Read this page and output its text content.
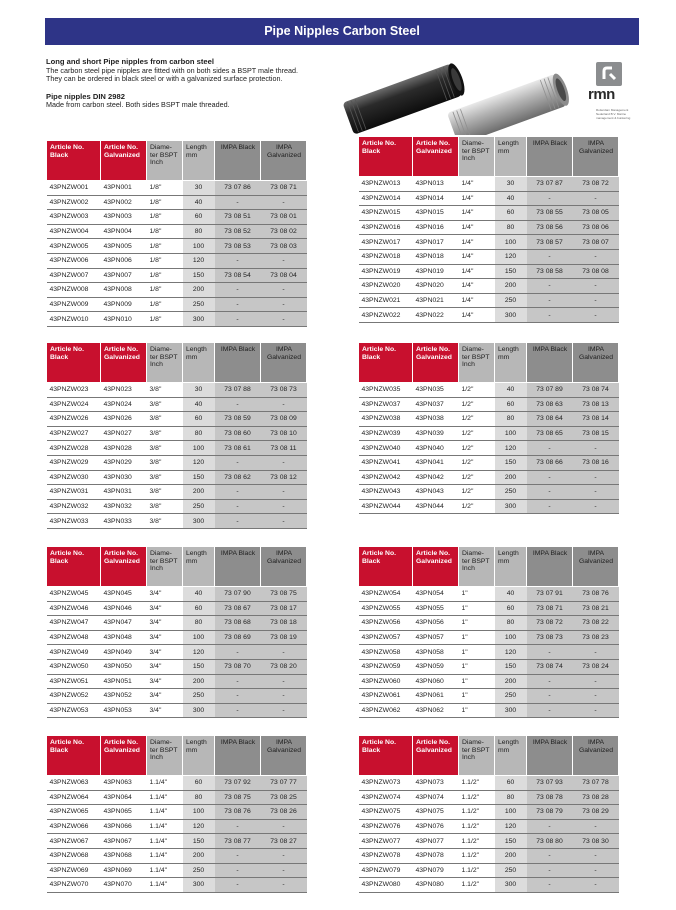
Pipe Nipples Carbon Steel
Long and short Pipe nipples from carbon steel
The carbon steel pipe nipples are fitted with on both sides a BSPT male thread.
They can be ordered in black steel or with a galvanized surface protection.
Pipe nipples DIN 2982
Made from carbon steel. Both sides BSPT male threaded.
rmn
Rotterdam Management Nederland B.V. Marine management & bunkering
Article No. Black	Article No. Galvanized	Diame- ter BSPT Inch	Length mm	IMPA Black	IMPA Galvanized
43PNZW001	43PN001	1/8"	30	73 07 86	73 08 71
43PNZW002	43PN002	1/8"	40	-	-
43PNZW003	43PN003	1/8"	60	73 08 51	73 08 01
43PNZW004	43PN004	1/8"	80	73 08 52	73 08 02
43PNZW005	43PN005	1/8"	100	73 08 53	73 08 03
43PNZW006	43PN006	1/8"	120	-	-
43PNZW007	43PN007	1/8"	150	73 08 54	73 08 04
43PNZW008	43PN008	1/8"	200	-	-
43PNZW009	43PN009	1/8"	250	-	-
43PNZW010	43PN010	1/8"	300	-	-
Article No. Black	Article No. Galvanized	Diame- ter BSPT Inch	Length mm	IMPA Black	IMPA Galvanized
43PNZW013	43PN013	1/4"	30	73 07 87	73 08 72
43PNZW014	43PN014	1/4"	40	-	-
43PNZW015	43PN015	1/4"	60	73 08 55	73 08 05
43PNZW016	43PN016	1/4"	80	73 08 56	73 08 06
43PNZW017	43PN017	1/4"	100	73 08 57	73 08 07
43PNZW018	43PN018	1/4"	120	-	-
43PNZW019	43PN019	1/4"	150	73 08 58	73 08 08
43PNZW020	43PN020	1/4"	200	-	-
43PNZW021	43PN021	1/4"	250	-	-
43PNZW022	43PN022	1/4"	300	-	-
Article No. Black	Article No. Galvanized	Diame- ter BSPT Inch	Length mm	IMPA Black	IMPA Galvanized
43PNZW023	43PN023	3/8"	30	73 07 88	73 08 73
43PNZW024	43PN024	3/8"	40	-	-
43PNZW026	43PN026	3/8"	60	73 08 59	73 08 09
43PNZW027	43PN027	3/8"	80	73 08 60	73 08 10
43PNZW028	43PN028	3/8"	100	73 08 61	73 08 11
43PNZW029	43PN029	3/8"	120	-	-
43PNZW030	43PN030	3/8"	150	73 08 62	73 08 12
43PNZW031	43PN031	3/8"	200	-	-
43PNZW032	43PN032	3/8"	250	-	-
43PNZW033	43PN033	3/8"	300	-	-
Article No. Black	Article No. Galvanized	Diame- ter BSPT Inch	Length mm	IMPA Black	IMPA Galvanized
43PNZW035	43PN035	1/2"	40	73 07 89	73 08 74
43PNZW037	43PN037	1/2"	60	73 08 63	73 08 13
43PNZW038	43PN038	1/2"	80	73 08 64	73 08 14
43PNZW039	43PN039	1/2"	100	73 08 65	73 08 15
43PNZW040	43PN040	1/2"	120	-	-
43PNZW041	43PN041	1/2"	150	73 08 66	73 08 16
43PNZW042	43PN042	1/2"	200	-	-
43PNZW043	43PN043	1/2"	250	-	-
43PNZW044	43PN044	1/2"	300	-	-
Article No. Black	Article No. Galvanized	Diame- ter BSPT Inch	Length mm	IMPA Black	IMPA Galvanized
43PNZW045	43PN045	3/4"	40	73 07 90	73 08 75
43PNZW046	43PN046	3/4"	60	73 08 67	73 08 17
43PNZW047	43PN047	3/4"	80	73 08 68	73 08 18
43PNZW048	43PN048	3/4"	100	73 08 69	73 08 19
43PNZW049	43PN049	3/4"	120	-	-
43PNZW050	43PN050	3/4"	150	73 08 70	73 08 20
43PNZW051	43PN051	3/4"	200	-	-
43PNZW052	43PN052	3/4"	250	-	-
43PNZW053	43PN053	3/4"	300	-	-
Article No. Black	Article No. Galvanized	Diame- ter BSPT Inch	Length mm	IMPA Black	IMPA Galvanized
43PNZW054	43PN054	1"	40	73 07 91	73 08 76
43PNZW055	43PN055	1"	60	73 08 71	73 08 21
43PNZW056	43PN056	1"	80	73 08 72	73 08 22
43PNZW057	43PN057	1"	100	73 08 73	73 08 23
43PNZW058	43PN058	1"	120	-	-
43PNZW059	43PN059	1"	150	73 08 74	73 08 24
43PNZW060	43PN060	1"	200	-	-
43PNZW061	43PN061	1"	250	-	-
43PNZW062	43PN062	1"	300	-	-
Article No. Black	Article No. Galvanized	Diame- ter BSPT Inch	Length mm	IMPA Black	IMPA Galvanized
43PNZW063	43PN063	1.1/4"	60	73 07 92	73 07 77
43PNZW064	43PN064	1.1/4"	80	73 08 75	73 08 25
43PNZW065	43PN065	1.1/4"	100	73 08 76	73 08 26
43PNZW066	43PN066	1.1/4"	120	-	-
43PNZW067	43PN067	1.1/4"	150	73 08 77	73 08 27
43PNZW068	43PN068	1.1/4"	200	-	-
43PNZW069	43PN069	1.1/4"	250	-	-
43PNZW070	43PN070	1.1/4"	300	-	-
Article No. Black	Article No. Galvanized	Diame- ter BSPT Inch	Length mm	IMPA Black	IMPA Galvanized
43PNZW073	43PN073	1.1/2"	60	73 07 93	73 07 78
43PNZW074	43PN074	1.1/2"	80	73 08 78	73 08 28
43PNZW075	43PN075	1.1/2"	100	73 08 79	73 08 29
43PNZW076	43PN076	1.1/2"	120	-	-
43PNZW077	43PN077	1.1/2"	150	73 08 80	73 08 30
43PNZW078	43PN078	1.1/2"	200	-	-
43PNZW079	43PN079	1.1/2"	250	-	-
43PNZW080	43PN080	1.1/2"	300	-	-
